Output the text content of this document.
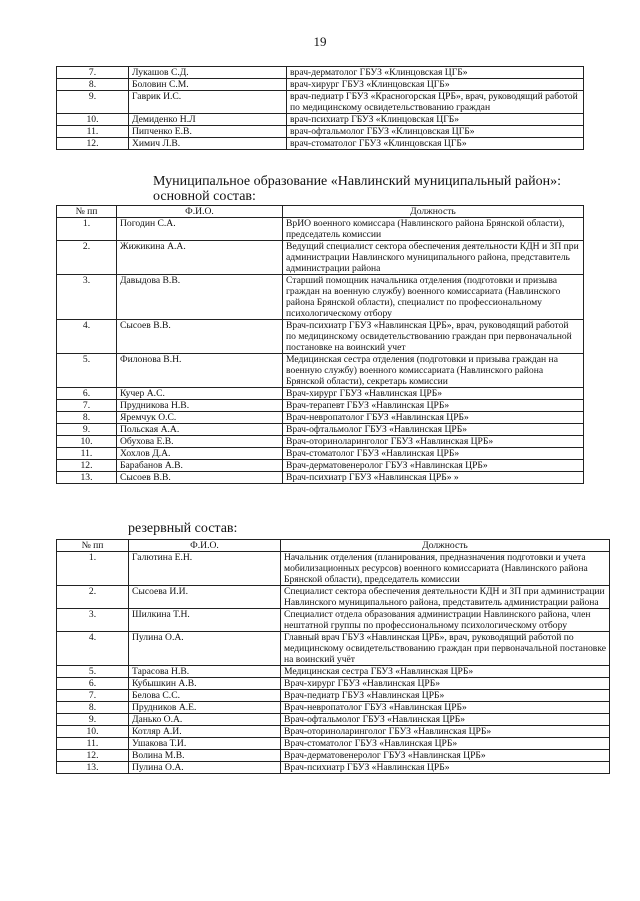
19
7.	Лукашов С.Д.	врач-дерматолог ГБУЗ «Клинцовская ЦГБ»
8.	Боловин С.М.	врач-хирург ГБУЗ «Клинцовская ЦГБ»
9.	Гаврик И.С.	врач-педиатр ГБУЗ «Красногорская ЦРБ», врач, руководящий работой по медицинскому освидетельствованию граждан
10.	Демиденко Н.Л	врач-психиатр ГБУЗ «Клинцовская ЦГБ»
11.	Пипченко Е.В.	врач-офтальмолог ГБУЗ «Клинцовская ЦГБ»
12.	Химич Л.В.	врач-стоматолог ГБУЗ «Клинцовская ЦГБ»
Муниципальное образование «Навлинский муниципальный район»:
основной состав:
№ пп	Ф.И.О.	Должность
1.	Погодин С.А.	ВрИО военного комиссара (Навлинского района Брянской области), председатель комиссии
2.	Жижикина А.А.	Ведущий специалист сектора обеспечения деятельности КДН и ЗП при администрации Навлинского муниципального района, представитель администрации района
3.	Давыдова В.В.	Старший помощник начальника отделения (подготовки и призыва граждан на военную службу) военного комиссариата (Навлинского района Брянской области), специалист по профессиональному психологическому отбору
4.	Сысоев В.В.	Врач-психиатр ГБУЗ «Навлинская ЦРБ», врач, руководящий работой по медицинскому освидетельствованию граждан при первоначальной постановке на воинский учет
5.	Филонова В.Н.	Медицинская сестра отделения (подготовки и призыва граждан на военную службу) военного комиссариата (Навлинского района Брянской области), секретарь комиссии
6.	Кучер А.С.	Врач-хирург ГБУЗ «Навлинская ЦРБ»
7.	Прудникова Н.В.	Врач-терапевт ГБУЗ «Навлинская ЦРБ»
8.	Яремчук О.С.	Врач-невропатолог ГБУЗ «Навлинская ЦРБ»
9.	Польская А.А.	Врач-офтальмолог ГБУЗ «Навлинская ЦРБ»
10.	Обухова Е.В.	Врач-оториноларинголог ГБУЗ «Навлинская ЦРБ»
11.	Хохлов Д.А.	Врач-стоматолог ГБУЗ «Навлинская ЦРБ»
12.	Барабанов А.В.	Врач-дерматовенеролог ГБУЗ «Навлинская ЦРБ»
13.	Сысоев В.В.	Врач-психиатр ГБУЗ «Навлинская ЦРБ» »
резервный состав:
№ пп	Ф.И.О.	Должность
1.	Галютина Е.Н.	Начальник отделения (планирования, предназначения подготовки и учета мобилизационных ресурсов) военного комиссариата (Навлинского района Брянской области), председатель комиссии
2.	Сысоева И.И.	Специалист сектора обеспечения деятельности КДН и ЗП при администрации Навлинского муниципального района, представитель администрации района
3.	Шилкина Т.Н.	Специалист отдела образования администрации Навлинского района, член нештатной группы по профессиональному психологическому отбору
4.	Пулина О.А.	Главный врач ГБУЗ «Навлинская ЦРБ», врач, руководящий работой по медицинскому освидетельствованию граждан при первоначальной постановке на воинский учёт
5.	Тарасова Н.В.	Медицинская сестра ГБУЗ «Навлинская ЦРБ»
6.	Кубышкин А.В.	Врач-хирург ГБУЗ «Навлинская ЦРБ»
7.	Белова С.С.	Врач-педиатр ГБУЗ «Навлинская ЦРБ»
8.	Прудников А.Е.	Врач-невропатолог ГБУЗ «Навлинская ЦРБ»
9.	Данько О.А.	Врач-офтальмолог ГБУЗ «Навлинская ЦРБ»
10.	Котляр А.И.	Врач-оториноларинголог ГБУЗ «Навлинская ЦРБ»
11.	Ушакова Т.И.	Врач-стоматолог ГБУЗ «Навлинская ЦРБ»
12.	Волина М.В.	Врач-дерматовенеролог ГБУЗ «Навлинская ЦРБ»
13.	Пулина О.А.	Врач-психиатр ГБУЗ «Навлинская ЦРБ»
